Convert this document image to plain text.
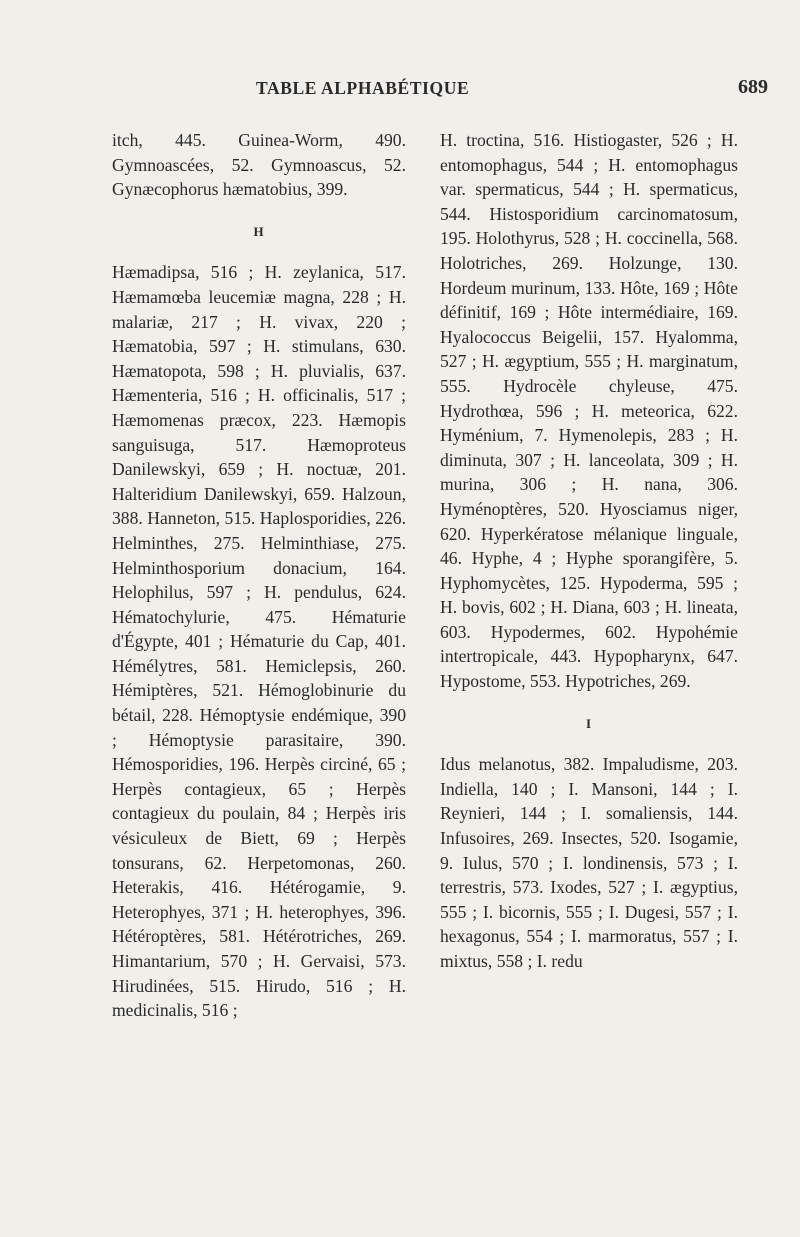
TABLE ALPHABÉTIQUE	689

itch, 445. Guinea-Worm, 490. Gymnoascées, 52. Gymnoascus, 52. Gynæcophorus hæmatobius, 399.

H

Hæmadipsa, 516 ; H. zeylanica, 517. Hæmamœba leucemiæ magna, 228 ; H. malariæ, 217 ; H. vivax, 220 ; Hæmatobia, 597 ; H. stimulans, 630. Hæmatopota, 598 ; H. pluvialis, 637. Hæmenteria, 516 ; H. officinalis, 517 ; Hæmomenas præcox, 223. Hæmopis sanguisuga, 517. Hæmoproteus Danilewskyi, 659 ; H. noctuæ, 201. Halteridium Danilewskyi, 659. Halzoun, 388. Hanneton, 515. Haplosporidies, 226. Helminthes, 275. Helminthiase, 275. Helminthosporium donacium, 164. Helophilus, 597 ; H. pendulus, 624. Hématochylurie, 475. Hématurie d'Égypte, 401 ; Hématurie du Cap, 401. Hémélytres, 581. Hemiclepsis, 260. Hémiptères, 521. Hémoglobinurie du bétail, 228. Hémoptysie endémique, 390 ; Hémoptysie parasitaire, 390. Hémosporidies, 196. Herpès circiné, 65 ; Herpès contagieux, 65 ; Herpès contagieux du poulain, 84 ; Herpès iris vésiculeux de Biett, 69 ; Herpès tonsurans, 62. Herpetomonas, 260. Heterakis, 416. Hétérogamie, 9. Heterophyes, 371 ; H. heterophyes, 396. Hétéroptères, 581. Hétérotriches, 269. Himantarium, 570 ; H. Gervaisi, 573. Hirudinées, 515. Hirudo, 516 ; H. medicinalis, 516 ;

H. troctina, 516. Histiogaster, 526 ; H. entomophagus, 544 ; H. entomophagus var. spermaticus, 544 ; H. spermaticus, 544. Histosporidium carcinomatosum, 195. Holothyrus, 528 ; H. coccinella, 568. Holotriches, 269. Holzunge, 130. Hordeum murinum, 133. Hôte, 169 ; Hôte définitif, 169 ; Hôte intermédiaire, 169. Hyalococcus Beigelii, 157. Hyalomma, 527 ; H. ægyptium, 555 ; H. marginatum, 555. Hydrocèle chyleuse, 475. Hydrothœa, 596 ; H. meteorica, 622. Hyménium, 7. Hymenolepis, 283 ; H. diminuta, 307 ; H. lanceolata, 309 ; H. murina, 306 ; H. nana, 306. Hyménoptères, 520. Hyosciamus niger, 620. Hyperkératose mélanique linguale, 46. Hyphe, 4 ; Hyphe sporangifère, 5. Hyphomycètes, 125. Hypoderma, 595 ; H. bovis, 602 ; H. Diana, 603 ; H. lineata, 603. Hypodermes, 602. Hypohémie intertropicale, 443. Hypopharynx, 647. Hypostome, 553. Hypotriches, 269.

I

Idus melanotus, 382. Impaludisme, 203. Indiella, 140 ; I. Mansoni, 144 ; I. Reynieri, 144 ; I. somaliensis, 144. Infusoires, 269. Insectes, 520. Isogamie, 9. Iulus, 570 ; I. londinensis, 573 ; I. terrestris, 573. Ixodes, 527 ; I. ægyptius, 555 ; I. bicornis, 555 ; I. Dugesi, 557 ; I. hexagonus, 554 ; I. marmoratus, 557 ; I. mixtus, 558 ; I. redu
